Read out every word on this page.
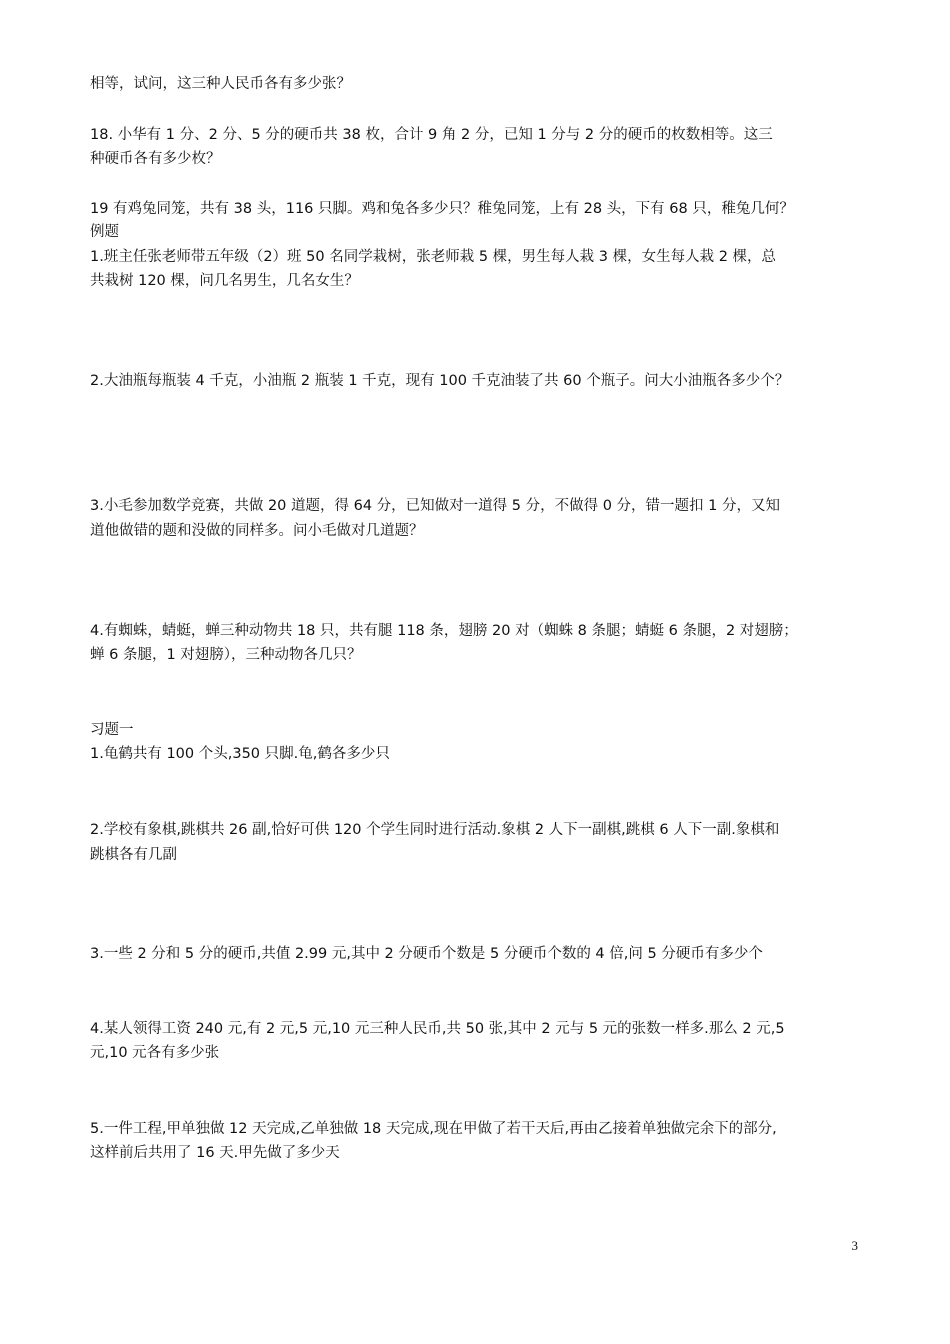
相等，试问，这三种人民币各有多少张？
18. 小华有 1 分、2 分、5 分的硬币共 38 枚，合计 9 角 2 分，已知 1 分与 2 分的硬币的枚数相等。这三
种硬币各有多少枚？
19 有鸡兔同笼，共有 38 头，116 只脚。鸡和兔各多少只？稚兔同笼，上有 28 头，下有 68 只，稚兔几何？
例题
1.班主任张老师带五年级（2）班 50 名同学栽树，张老师栽 5 棵，男生每人栽 3 棵，女生每人栽 2 棵，总
共栽树 120 棵，问几名男生，几名女生？
2.大油瓶每瓶装 4 千克，小油瓶 2 瓶装 1 千克，现有 100 千克油装了共 60 个瓶子。问大小油瓶各多少个？
3.小毛参加数学竞赛，共做 20 道题，得 64 分，已知做对一道得 5 分，不做得 0 分，错一题扣 1 分，又知
道他做错的题和没做的同样多。问小毛做对几道题？
4.有蜘蛛，蜻蜓，蝉三种动物共 18 只，共有腿 118 条，翅膀 20 对（蜘蛛 8 条腿；蜻蜓 6 条腿，2 对翅膀；
蝉 6 条腿，1 对翅膀），三种动物各几只？
习题一
1.龟鹤共有 100 个头,350 只脚.龟,鹤各多少只
2.学校有象棋,跳棋共 26 副,恰好可供 120 个学生同时进行活动.象棋 2 人下一副棋,跳棋 6 人下一副.象棋和
跳棋各有几副
3.一些 2 分和 5 分的硬币,共值 2.99 元,其中 2 分硬币个数是 5 分硬币个数的 4 倍,问 5 分硬币有多少个
4.某人领得工资 240 元,有 2 元,5 元,10 元三种人民币,共 50 张,其中 2 元与 5 元的张数一样多.那么 2 元,5
元,10 元各有多少张
5.一件工程,甲单独做 12 天完成,乙单独做 18 天完成,现在甲做了若干天后,再由乙接着单独做完余下的部分,
这样前后共用了 16 天.甲先做了多少天
3
